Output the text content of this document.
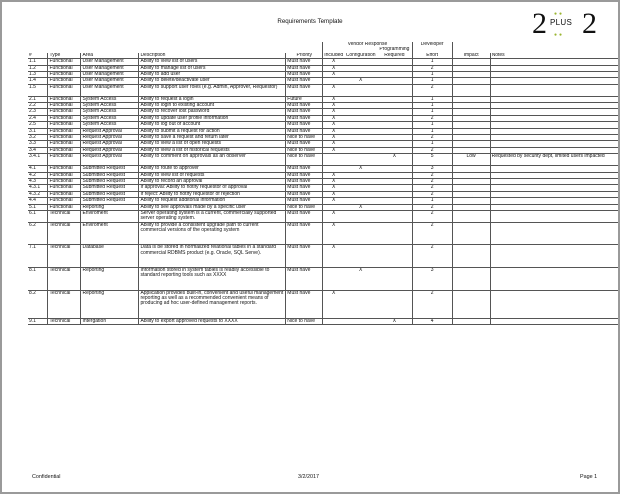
Requirements Template	2 PLUS
●●
●● 2
					Vendor Response			Developer		
							Programming			
#	Type	Area	Description	Priority	Included	Configuration	Required	Effort	Impact	Notes
1.1	Functional	User Management	Ability to view list of users	Must have	X			1		
1.2	Functional	User Management	Ability to manage list of users	Must have	X			2		
1.3	Functional	User Management	Ability to add user	Must have	X			1		
1.4	Functional	User Management	Ability to delete/deactivate user	Must have		X		1		
1.5	Functional	User Management	Ability to support user roles (e.g. Admin, Approver, Requestor)	Must have	X			2		
2.1	Functional	System Access	Ability to request a login	Future	X			1		
2.2	Functional	System Access	Ability to login to existing account	Must have	X			1		
2.3	Functional	System Access	Ability to recover lost password	Must have	X			1		
2.4	Functional	System Access	Ability to update user profile information	Must have	X			2		
2.5	Functional	System Access	Ability to log out of account	Must have	X			1		
3.1	Functional	Request Approval	Ability to submit a request for action	Must have	X			1		
3.2	Functional	Request Approval	Ability to save a request and return later	Nice to have	X			2		
3.3	Functional	Request Approval	Ability to view a list of open requests	Must have	X			1		
3.4	Functional	Request Approval	Ability to view a list of historical requests	Nice to have	X			2		
3.4.1	Functional	Request Approval	Ability to comment on approvals as an observer	Nice to have			X	5	Low	Requested by security dept, limited users impacted
4.1	Functional	Submitted Request	Ability to route to approver	Must have		X		3		
4.2	Functional	Submitted Request	Ability to view list of requests	Must have	X			2		
4.3	Functional	Submitted Request	Ability to record an approval	Must have	X			2		
4.3.1	Functional	Submitted Request	If approval: Ability to notify requestor of approval	Must have	X			2		
4.3.2	Functional	Submitted Request	If reject: Ability to notify requestor of rejection	Must have	X			2		
4.4	Functional	Submitted Request	Ability to request additonal information	Must have	X			1		
5.1	Functional	Reporting	Ability to see approvals made by a specific user	Nice to have		X		2		
6.1	Technical	Enviroment	Server operating system is a current, commercially supported server operating system.	Must have	X			2		
6.2	Technical	Enviroment	Ability to provide a consistent upgrade path to current commercial versions of the operating system	Must have	X			2		
7.1	Technical	Database	Data is be stored in normalized relational tables in a standard commercial RDBMS product (e.g. Oracle, SQL Serve).	Must have	X			2		
8.1	Technical	Reporting	Information stored in system tables is readily accessible to standard reporting tools such as XXXX	Must have		X		3		
8.2	Technical	Reporting	Application provides built-in, convenient and useful management reporting as well as a recommended convenient means of producing ad hoc user-defined management reports.	Must have	X			2		
9.1	Technical	Intergation	Ability to export approved requests to XXXX	Nice to have			X	4		
Confidential	3/2/2017	Page 1
